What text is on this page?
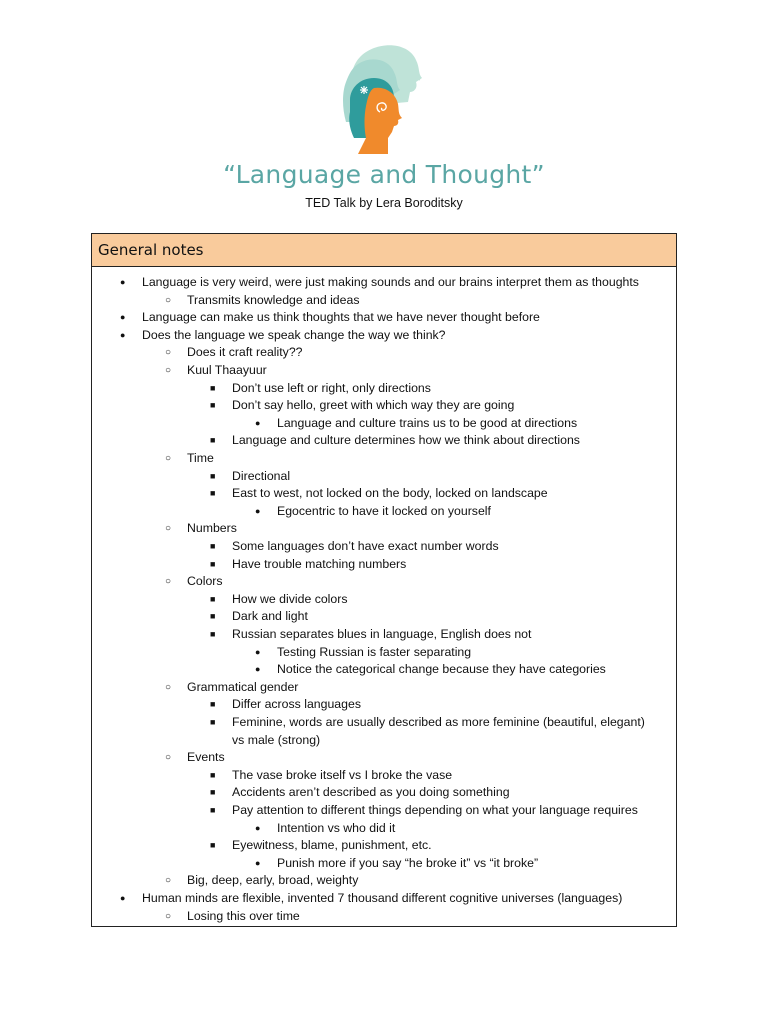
“Language and Thought”
TED Talk by Lera Boroditsky
General notes
● Language is very weird, were just making sounds and our brains interpret them as thoughts
○ Transmits knowledge and ideas
● Language can make us think thoughts that we have never thought before
● Does the language we speak change the way we think?
○ Does it craft reality??
○ Kuul Thaayuur
■ Don’t use left or right, only directions
■ Don’t say hello, greet with which way they are going
● Language and culture trains us to be good at directions
■ Language and culture determines how we think about directions
○ Time
■ Directional
■ East to west, not locked on the body, locked on landscape
● Egocentric to have it locked on yourself
○ Numbers
■ Some languages don’t have exact number words
■ Have trouble matching numbers
○ Colors
■ How we divide colors
■ Dark and light
■ Russian separates blues in language, English does not
● Testing Russian is faster separating
● Notice the categorical change because they have categories
○ Grammatical gender
■ Differ across languages
■ Feminine, words are usually described as more feminine (beautiful, elegant) vs male (strong)
○ Events
■ The vase broke itself vs I broke the vase
■ Accidents aren’t described as you doing something
■ Pay attention to different things depending on what your language requires
● Intention vs who did it
■ Eyewitness, blame, punishment, etc.
● Punish more if you say “he broke it” vs “it broke”
○ Big, deep, early, broad, weighty
● Human minds are flexible, invented 7 thousand different cognitive universes (languages)
○ Losing this over time
